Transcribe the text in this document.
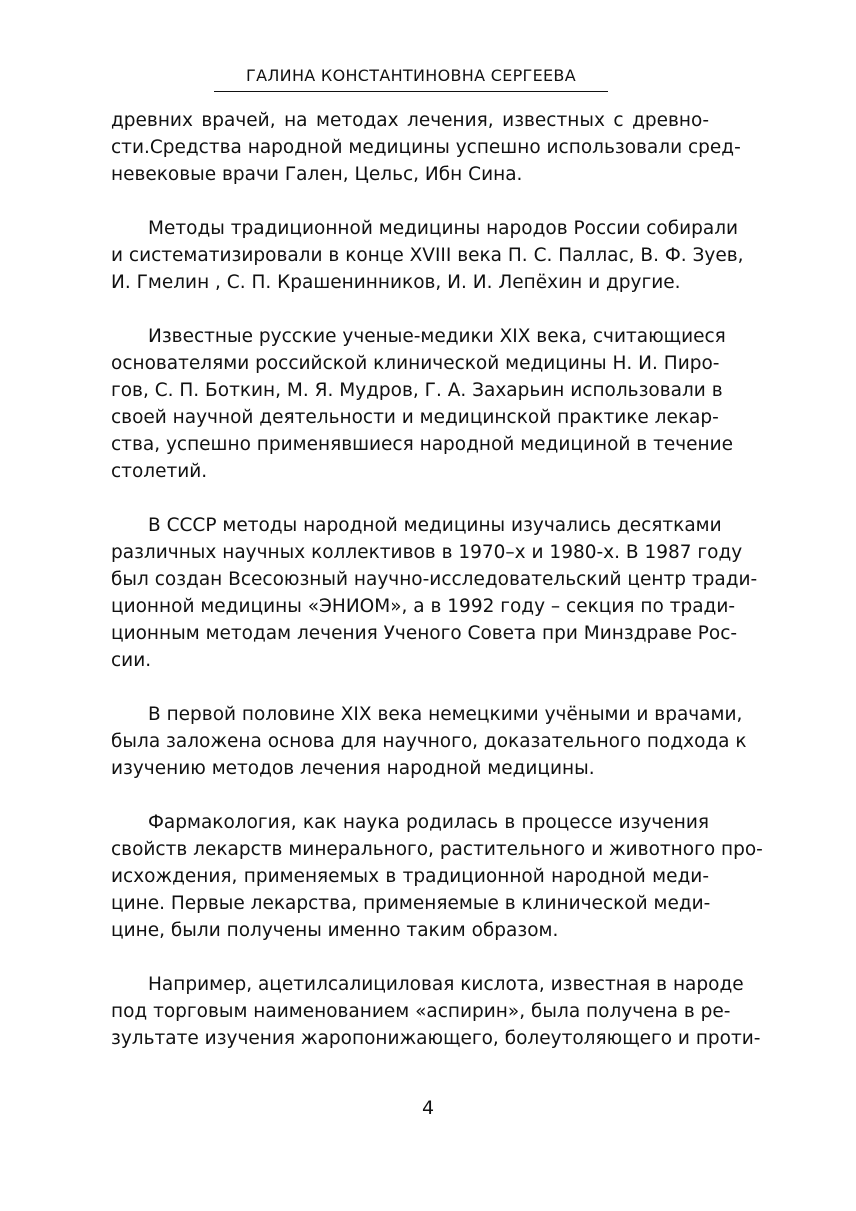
ГАЛИНА КОНСТАНТИНОВНА СЕРГЕЕВА
древних врачей, на методах лечения, известных с древно-
сти.Средства народной медицины успешно использовали сред-
невековые врачи Гален, Цельс, Ибн Сина.
Методы традиционной медицины народов России собирали
и систематизировали в конце XVIII века П. С. Паллас, В. Ф. Зуев,
И. Гмелин , С. П. Крашенинников, И. И. Лепёхин и другие.
Известные русские ученые-медики XIX века, считающиеся
основателями российской клинической медицины Н. И. Пиро-
гов, С. П. Боткин, М. Я. Мудров, Г. А. Захарьин использовали в
своей научной деятельности и медицинской практике лекар-
ства, успешно применявшиеся народной медициной в течение
столетий.
В СССР методы народной медицины изучались десятками
различных научных коллективов в 1970–х и 1980-х. В 1987 году
был создан Всесоюзный научно-исследовательский центр тради-
ционной медицины «ЭНИОМ», а в 1992 году – секция по тради-
ционным методам лечения Ученого Совета при Минздраве Рос-
сии.
В первой половине XIX века немецкими учёными и врачами,
была заложена основа для научного, доказательного подхода к
изучению методов лечения народной медицины.
Фармакология, как наука родилась в процессе изучения
свойств лекарств минерального, растительного и животного про-
исхождения, применяемых в традиционной народной меди-
цине. Первые лекарства, применяемые в клинической меди-
цине, были получены именно таким образом.
Например, ацетилсалициловая кислота, известная в народе
под торговым наименованием «аспирин», была получена в ре-
зультате изучения жаропонижающего, болеутоляющего и проти-
4
